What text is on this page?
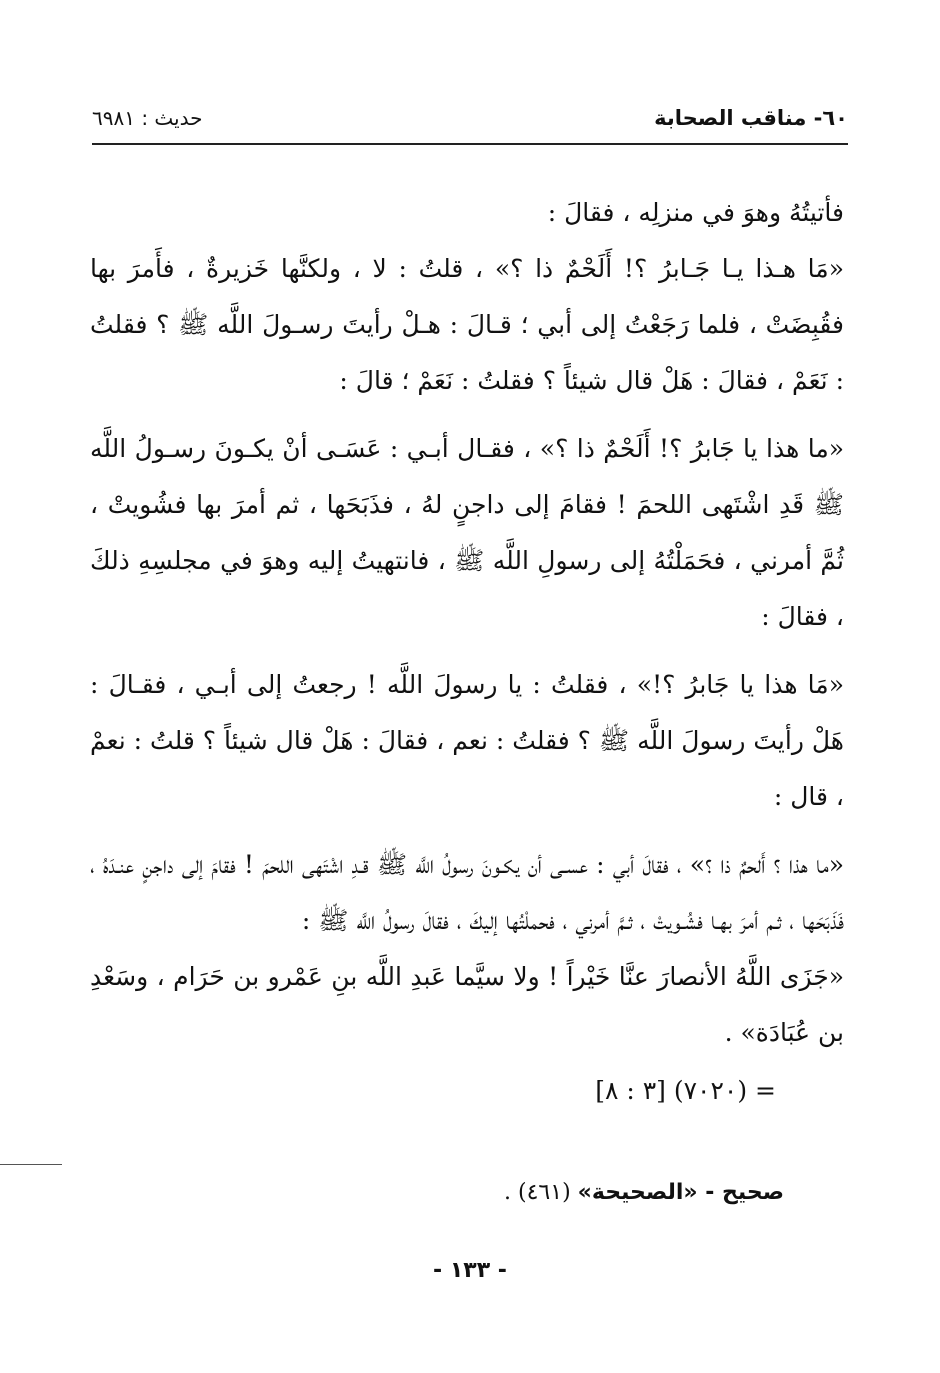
٦٠- مناقب الصحابة
حديث : ٦٩٨١

فأتيتُهُ وهوَ في منزلِه ، فقالَ :

«مَا هـذا يـا جَـابرُ ؟! أَلَحْمٌ ذا ؟» ، قلتُ : لا ، ولكنَّها خَزيرةٌ ، فأَمرَ بها فقُبِضَتْ ، فلما رَجَعْتُ إلى أبي ؛ قـالَ : هـلْ رأيتَ رسـولَ اللَّه ﷺ ؟ فقلتُ : نَعَمْ ، فقالَ : هَلْ قال شيئاً ؟ فقلتُ : نَعَمْ ؛ قالَ :

«ما هذا يا جَابرُ ؟! أَلَحْمٌ ذا ؟» ، فقـال أبـي : عَسَـى أنْ يكـونَ رسـولُ اللَّه ﷺ قَدِ اشْتَهى اللحمَ ! فقامَ إلى داجنٍ لهُ ، فذَبَحَها ، ثم أمرَ بها فشُويتْ ، ثُمَّ أمرني ، فحَمَلْتُهُ إلى رسولِ اللَّه ﷺ ، فانتهيتُ إليه وهوَ في مجلسِهِ ذلكَ ، فقالَ :

«مَا هذا يا جَابرُ ؟!» ، فقلتُ : يا رسولَ اللَّه ! رجعتُ إلى أبـي ، فقـالَ : هَلْ رأيتَ رسولَ اللَّه ﷺ ؟ فقلتُ : نعم ، فقالَ : هَلْ قال شيئاً ؟ قلتُ : نعمْ ، قال :

«ما هذا ؟ أَلحمٌ ذا ؟» ، فقالَ أبي : عسـى أن يكـونَ رسولُ اللَّه ﷺ قـدِ اشْتَهى اللحمَ ! فقامَ إلى داجنٍ عنـدَهُ ، فَذَبَحَها ، ثـم أمرَ بهـا فشُـويتْ ، ثـمَّ أمرني ، فحملْتُها إليكَ ، فقالَ رسولُ اللَّه ﷺ :

«جَزَى اللَّهُ الأنصارَ عنَّا خَيْراً ! ولا سيَّما عَبدِ اللَّه بنِ عَمْرو بن حَرَام ، وسَعْدِ بن عُبَادَة» .

= (٧٠٢٠) [٣ : ٨]

صحيح - «الصحيحة» (٤٦١) .
- ١٣٣ -
